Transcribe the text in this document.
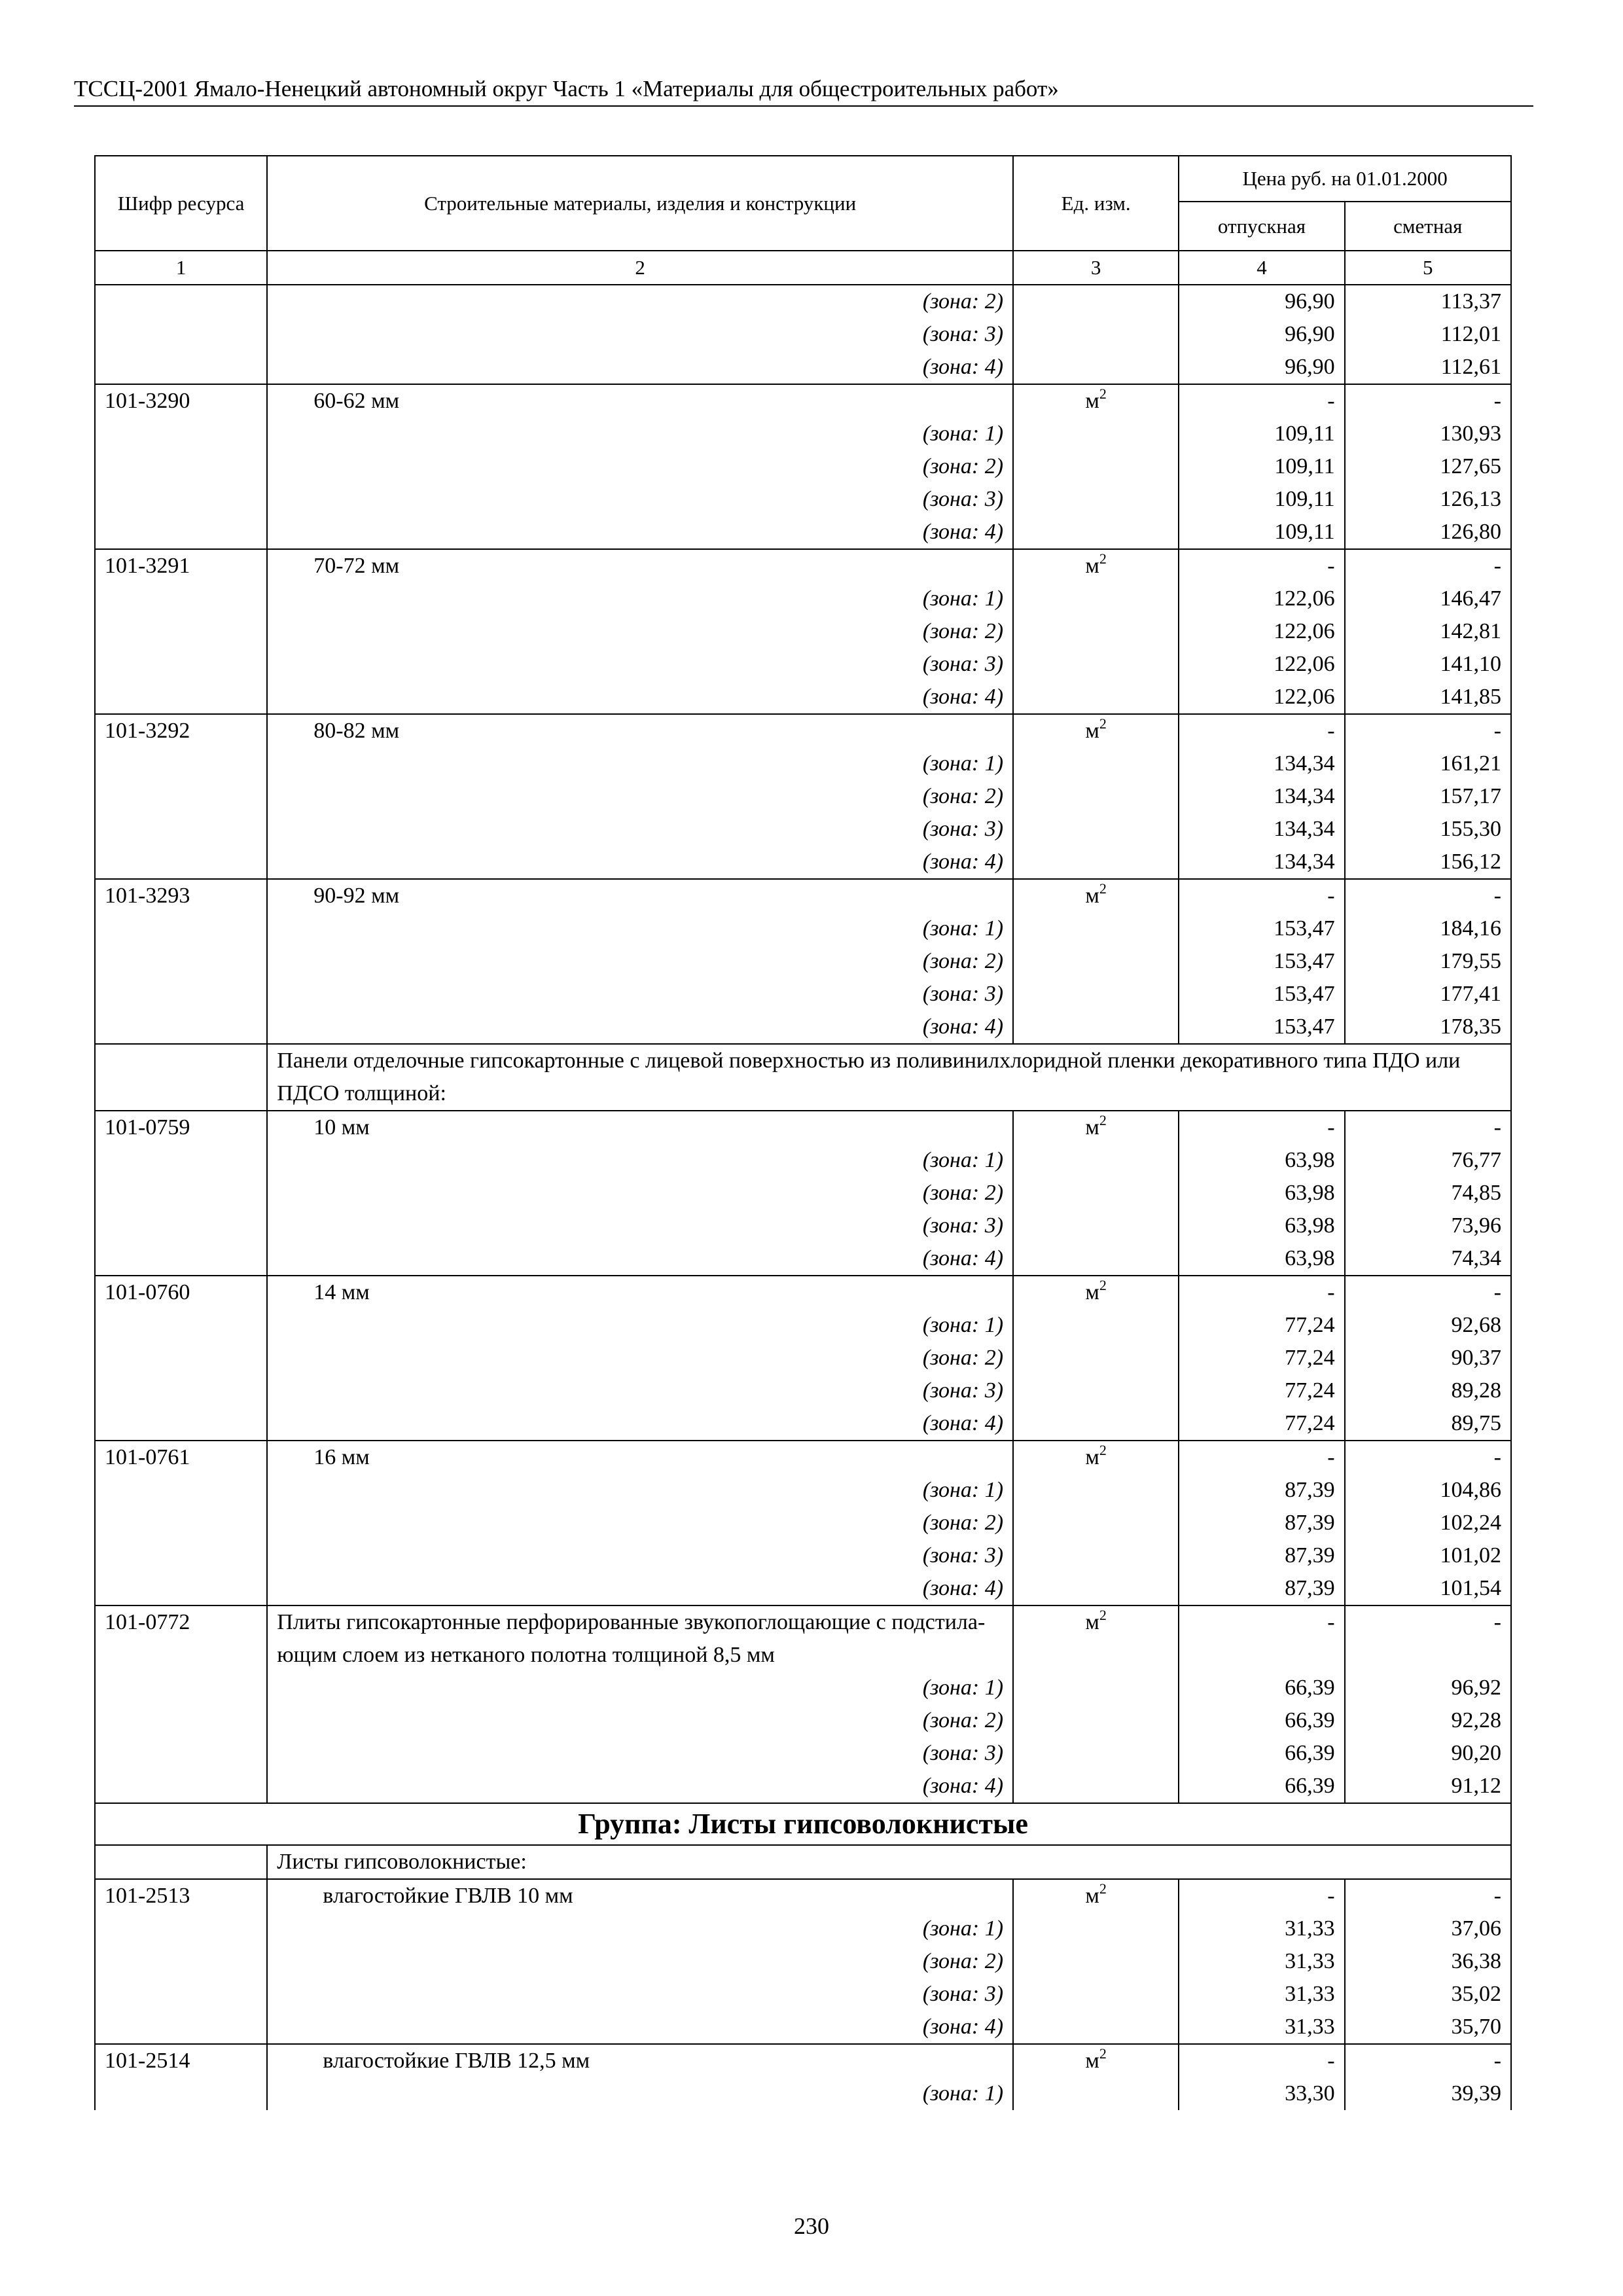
ТССЦ-2001 Ямало-Ненецкий автономный округ Часть 1 «Материалы для общестроительных работ»
Шифр ресурса	Строительные материалы, изделия и конструкции	Ед. изм.	Цена руб. на 01.01.2000	
			отпускная	сметная
1	2	3	4	5

	(зона: 2)		96,90	113,37

	(зона: 3)		96,90	112,01

	(зона: 4)		96,90	112,61
101-3290	60-62 мм	$м^2$	-	-

	(зона: 1)		109,11	130,93

	(зона: 2)		109,11	127,65

	(зона: 3)		109,11	126,13

	(зона: 4)		109,11	126,80
101-3291	70-72 мм	$м^2$	-	-

	(зона: 1)		122,06	146,47

	(зона: 2)		122,06	142,81

	(зона: 3)		122,06	141,10

	(зона: 4)		122,06	141,85
101-3292	80-82 мм	$м^2$	-	-

	(зона: 1)		134,34	161,21

	(зона: 2)		134,34	157,17

	(зона: 3)		134,34	155,30

	(зона: 4)		134,34	156,12
101-3293	90-92 мм	$м^2$	-	-

	(зона: 1)		153,47	184,16

	(зона: 2)		153,47	179,55

	(зона: 3)		153,47	177,41

	(зона: 4)		153,47	178,35
	Панели отделочные гипсокартонные с лицевой поверхностью из поливинилхлоридной пленки декоративного типа ПДО или ПДСО толщиной:			
101-0759	10 мм	$м^2$	-	-

	(зона: 1)		63,98	76,77

	(зона: 2)		63,98	74,85

	(зона: 3)		63,98	73,96

	(зона: 4)		63,98	74,34
101-0760	14 мм	$м^2$	-	-

	(зона: 1)		77,24	92,68

	(зона: 2)		77,24	90,37

	(зона: 3)		77,24	89,28

	(зона: 4)		77,24	89,75
101-0761	16 мм	$м^2$	-	-

	(зона: 1)		87,39	104,86

	(зона: 2)		87,39	102,24

	(зона: 3)		87,39	101,02

	(зона: 4)		87,39	101,54
101-0772	Плиты гипсокартонные перфорированные звукопоглощающие с подстила-ющим слоем из нетканого полотна толщиной 8,5 мм	$м^2$	-	-

	(зона: 1)		66,39	96,92

	(зона: 2)		66,39	92,28

	(зона: 3)		66,39	90,20

	(зона: 4)		66,39	91,12
Группа: Листы гипсоволокнистые				
	Листы гипсоволокнистые:			
101-2513	влагостойкие ГВЛВ 10 мм	$м^2$	-	-

	(зона: 1)		31,33	37,06

	(зона: 2)		31,33	36,38

	(зона: 3)		31,33	35,02

	(зона: 4)		31,33	35,70
101-2514	влагостойкие ГВЛВ 12,5 мм	$м^2$	-	-

	(зона: 1)		33,30	39,39
230
